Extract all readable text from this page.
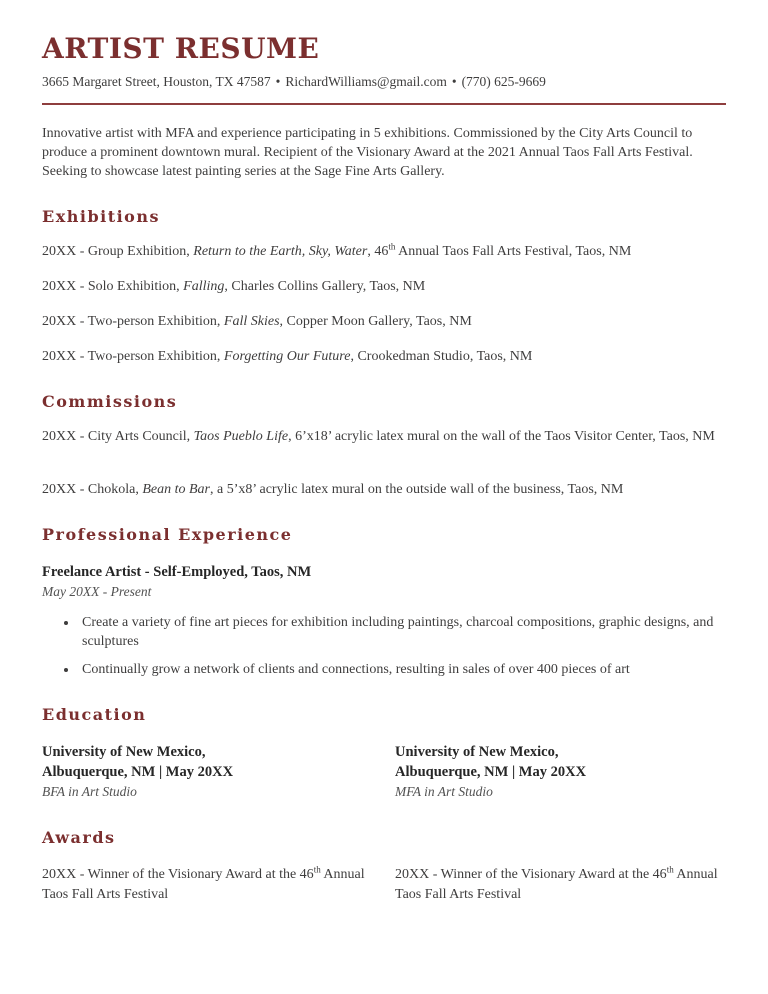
ARTIST RESUME
3665 Margaret Street, Houston, TX 47587 • RichardWilliams@gmail.com • (770) 625-9669

Innovative artist with MFA and experience participating in 5 exhibitions. Commissioned by the City Arts Council to produce a prominent downtown mural. Recipient of the Visionary Award at the 2021 Annual Taos Fall Arts Festival. Seeking to showcase latest painting series at the Sage Fine Arts Gallery.

Exhibitions

20XX - Group Exhibition, Return to the Earth, Sky, Water, 46th Annual Taos Fall Arts Festival, Taos, NM

20XX - Solo Exhibition, Falling, Charles Collins Gallery, Taos, NM

20XX - Two-person Exhibition, Fall Skies, Copper Moon Gallery, Taos, NM

20XX - Two-person Exhibition, Forgetting Our Future, Crookedman Studio, Taos, NM

Commissions

20XX - City Arts Council, Taos Pueblo Life, 6’x18’ acrylic latex mural on the wall of the Taos Visitor Center, Taos, NM

20XX - Chokola, Bean to Bar, a 5’x8’ acrylic latex mural on the outside wall of the business, Taos, NM

Professional Experience

Freelance Artist - Self-Employed, Taos, NM

May 20XX - Present

• Create a variety of fine art pieces for exhibition including paintings, charcoal compositions, graphic designs, and sculptures
• Continually grow a network of clients and connections, resulting in sales of over 400 pieces of art
Education
University of New Mexico,
Albuquerque, NM | May 20XX
BFA in Art Studio
University of New Mexico,
Albuquerque, NM | May 20XX
MFA in Art Studio
Awards

20XX - Winner of the Visionary Award at the 46th Annual Taos Fall Arts Festival

20XX - Winner of the Visionary Award at the 46th Annual Taos Fall Arts Festival
